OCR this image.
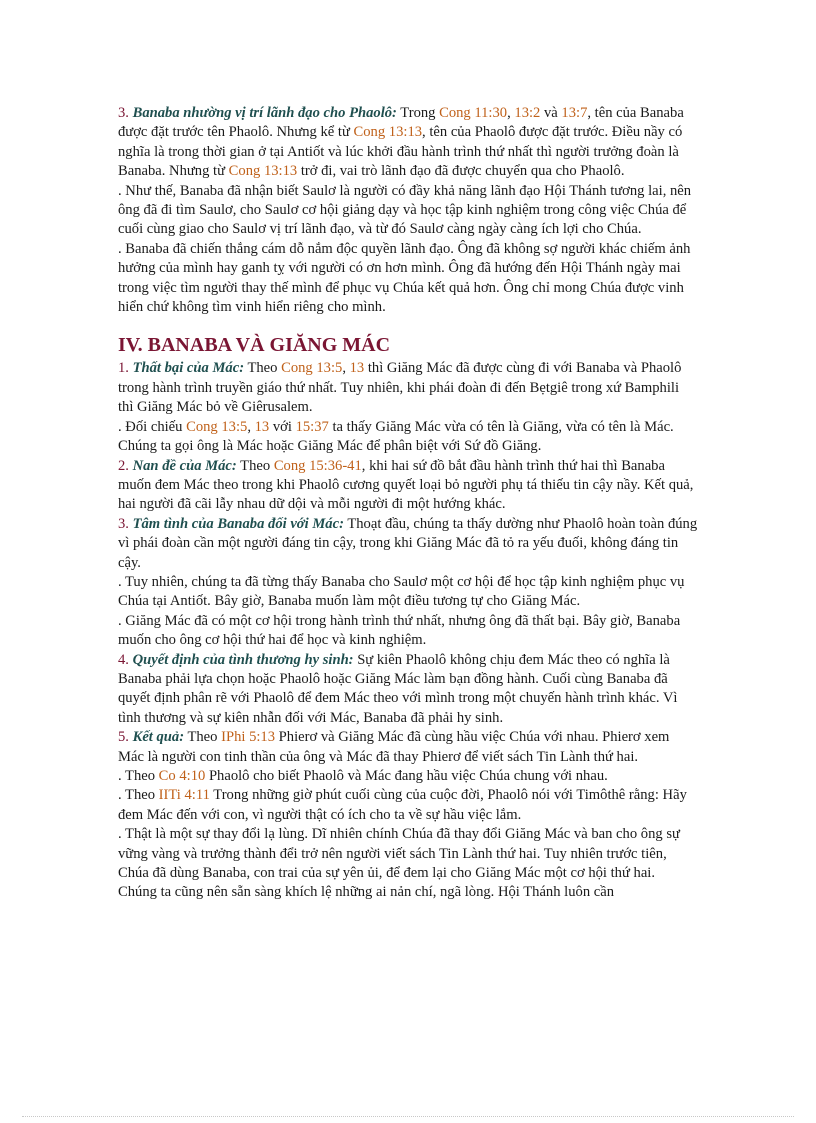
3. Banaba nhường vị trí lãnh đạo cho Phaolô: Trong Cong 11:30, 13:2 và 13:7, tên của Banaba được đặt trước tên Phaolô. Nhưng kể từ Cong 13:13, tên của Phaolô được đặt trước. Điều nầy có nghĩa là trong thời gian ở tại Antiốt và lúc khởi đầu hành trình thứ nhất thì người trưởng đoàn là Banaba. Nhưng từ Cong 13:13 trở đi, vai trò lãnh đạo đã được chuyển qua cho Phaolô.

. Như thế, Banaba đã nhận biết Saulơ là người có đầy khả năng lãnh đạo Hội Thánh tương lai, nên ông đã đi tìm Saulơ, cho Saulơ cơ hội giảng dạy và học tập kinh nghiệm trong công việc Chúa để cuối cùng giao cho Saulơ vị trí lãnh đạo, và từ đó Saulơ càng ngày càng ích lợi cho Chúa.

. Banaba đã chiến thắng cám dỗ nắm độc quyền lãnh đạo. Ông đã không sợ người khác chiếm ảnh hưởng của mình hay ganh tỵ với người có ơn hơn mình. Ông đã hướng đến Hội Thánh ngày mai trong việc tìm người thay thế mình để phục vụ Chúa kết quả hơn. Ông chỉ mong Chúa được vinh hiển chứ không tìm vinh hiển riêng cho mình.

IV. BANABA VÀ GIĂNG MÁC

1. Thất bại của Mác: Theo Cong 13:5, 13 thì Giăng Mác đã được cùng đi với Banaba và Phaolô trong hành trình truyền giáo thứ nhất. Tuy nhiên, khi phái đoàn đi đến Bẹtgiê trong xứ Bamphili thì Giăng Mác bỏ về Giêrusalem.

. Đối chiếu Cong 13:5, 13 với 15:37 ta thấy Giăng Mác vừa có tên là Giăng, vừa có tên là Mác. Chúng ta gọi ông là Mác hoặc Giăng Mác để phân biệt với Sứ đồ Giăng.

2. Nan đề của Mác: Theo Cong 15:36-41, khi hai sứ đồ bắt đầu hành trình thứ hai thì Banaba muốn đem Mác theo trong khi Phaolô cương quyết loại bỏ người phụ tá thiếu tin cậy nầy. Kết quả, hai người đã cãi lẫy nhau dữ dội và mỗi người đi một hướng khác.

3. Tâm tình của Banaba đối với Mác: Thoạt đầu, chúng ta thấy dường như Phaolô hoàn toàn đúng vì phái đoàn cần một người đáng tin cậy, trong khi Giăng Mác đã tỏ ra yếu đuối, không đáng tin cậy.

. Tuy nhiên, chúng ta đã từng thấy Banaba cho Saulơ một cơ hội để học tập kinh nghiệm phục vụ Chúa tại Antiốt. Bây giờ, Banaba muốn làm một điều tương tự cho Giăng Mác.

. Giăng Mác đã có một cơ hội trong hành trình thứ nhất, nhưng ông đã thất bại. Bây giờ, Banaba muốn cho ông cơ hội thứ hai để học và kinh nghiệm.

4. Quyết định của tình thương hy sinh: Sự kiên Phaolô không chịu đem Mác theo có nghĩa là Banaba phải lựa chọn hoặc Phaolô hoặc Giăng Mác làm bạn đồng hành. Cuối cùng Banaba đã quyết định phân rẽ với Phaolô để đem Mác theo với mình trong một chuyến hành trình khác. Vì tình thương và sự kiên nhẫn đối với Mác, Banaba đã phải hy sinh.

5. Kết quả: Theo IPhi 5:13 Phierơ và Giăng Mác đã cùng hầu việc Chúa với nhau. Phierơ xem Mác là người con tinh thần của ông và Mác đã thay Phierơ để viết sách Tin Lành thứ hai.

. Theo Co 4:10 Phaolô cho biết Phaolô và Mác đang hầu việc Chúa chung với nhau.

. Theo IITi 4:11 Trong những giờ phút cuối cùng của cuộc đời, Phaolô nói với Timôthê rằng: Hãy đem Mác đến với con, vì người thật có ích cho ta về sự hầu việc lắm.

. Thật là một sự thay đổi lạ lùng. Dĩ nhiên chính Chúa đã thay đổi Giăng Mác và ban cho ông sự vững vàng và trưởng thành đểi trở nên người viết sách Tin Lành thứ hai. Tuy nhiên trước tiên, Chúa đã dùng Banaba, con trai của sự yên ủi, để đem lại cho Giăng Mác một cơ hội thứ hai.

Chúng ta cũng nên sẵn sàng khích lệ những ai nản chí, ngã lòng. Hội Thánh luôn cần
